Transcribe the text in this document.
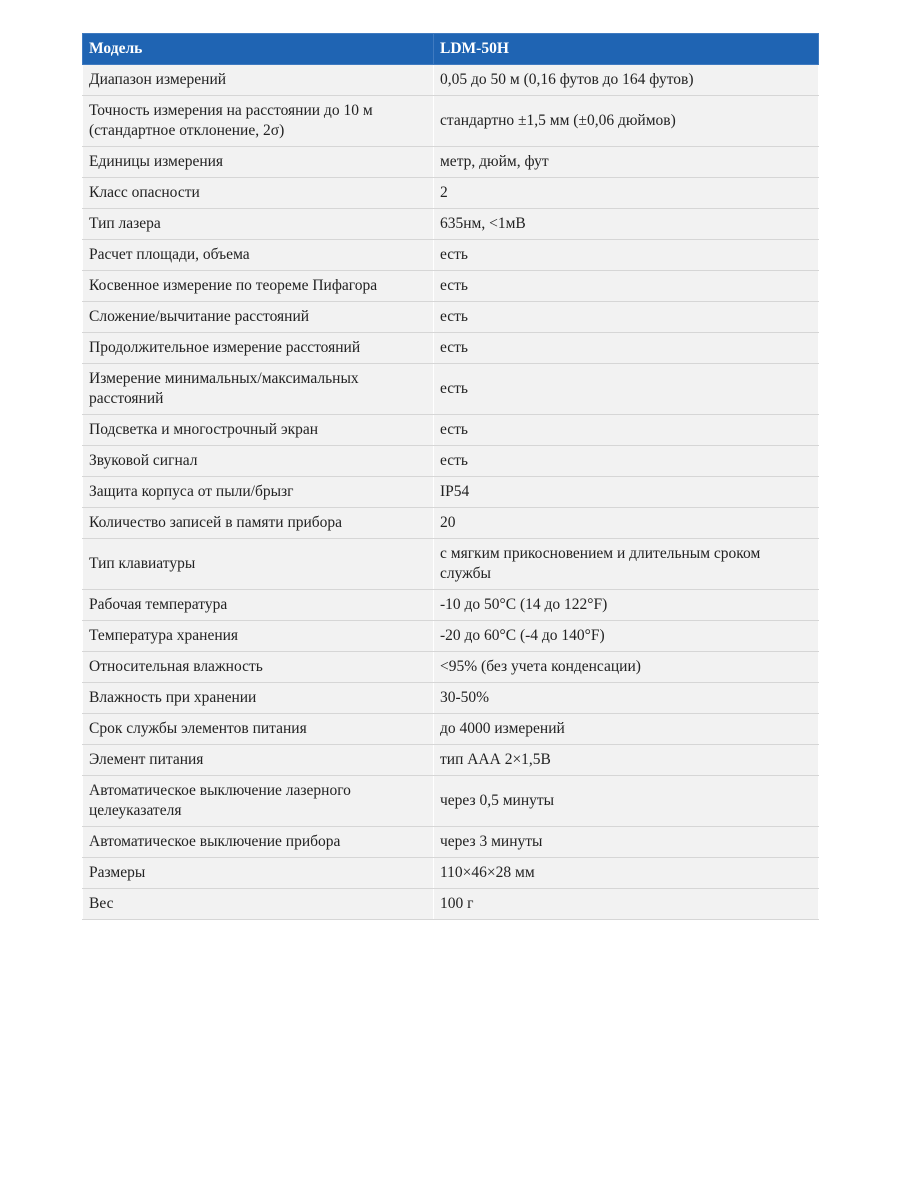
Модель	LDM-50H
Диапазон измерений	0,05 до 50 м (0,16 футов до 164 футов)
Точность измерения на расстоянии до 10 м (стандартное отклонение, 2σ)	стандартно ±1,5 мм (±0,06 дюймов)
Единицы измерения	метр, дюйм, фут
Класс опасности	2
Тип лазера	635нм, <1мВ
Расчет площади, объема	есть
Косвенное измерение по теореме Пифагора	есть
Сложение/вычитание расстояний	есть
Продолжительное измерение расстояний	есть
Измерение минимальных/максимальных расстояний	есть
Подсветка и многострочный экран	есть
Звуковой сигнал	есть
Защита корпуса от пыли/брызг	IP54
Количество записей в памяти прибора	20
Тип клавиатуры	с мягким прикосновением и длительным сроком службы
Рабочая температура	-10 до 50°С (14 до 122°F)
Температура хранения	-20 до 60°С (-4 до 140°F)
Относительная влажность	<95% (без учета конденсации)
Влажность при хранении	30-50%
Срок службы элементов питания	до 4000 измерений
Элемент питания	тип ААА 2×1,5В
Автоматическое выключение лазерного целеуказателя	через 0,5 минуты
Автоматическое выключение прибора	через 3 минуты
Размеры	110×46×28 мм
Вес	100 г
